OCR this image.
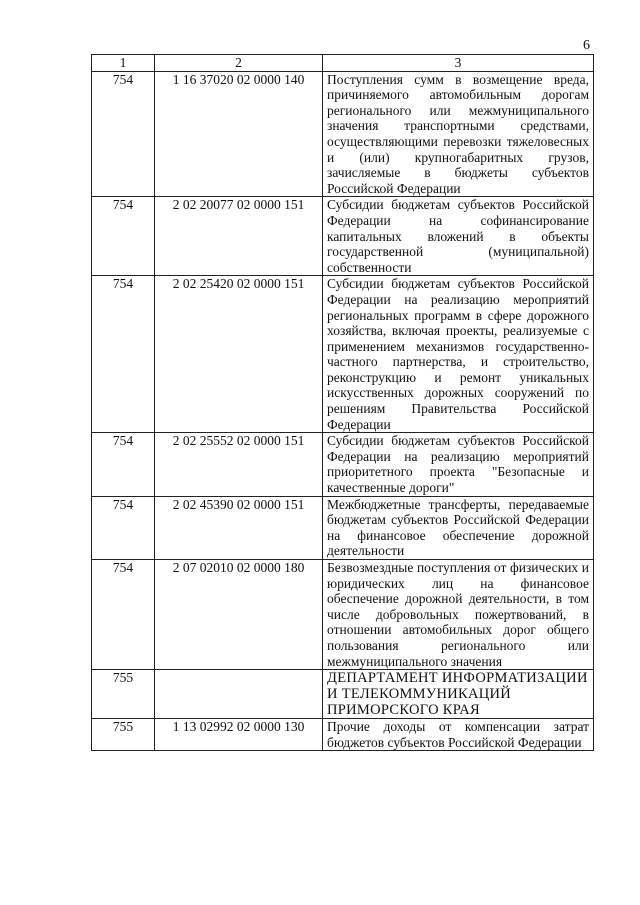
6
1	2	3
754	1 16 37020 02 0000 140	Поступления сумм в возмещение вреда, причиняемого автомобильным дорогам регионального или межмуниципального значения транспортными средствами, осуществляющими перевозки тяжеловесных и (или) крупногабаритных грузов, зачисляемые в бюджеты субъектов Российской Федерации
754	2 02 20077 02 0000 151	Субсидии бюджетам субъектов Российской Федерации на софинансирование капитальных вложений в объекты государственной (муниципальной) собственности
754	2 02 25420 02 0000 151	Субсидии бюджетам субъектов Российской Федерации на реализацию мероприятий региональных программ в сфере дорожного хозяйства, включая проекты, реализуемые с применением механизмов государственно-частного партнерства, и строительство, реконструкцию и ремонт уникальных искусственных дорожных сооружений по решениям Правительства Российской Федерации
754	2 02 25552 02 0000 151	Субсидии бюджетам субъектов Российской Федерации на реализацию мероприятий приоритетного проекта "Безопасные и качественные дороги"
754	2 02 45390 02 0000 151	Межбюджетные трансферты, передаваемые бюджетам субъектов Российской Федерации на финансовое обеспечение дорожной деятельности
754	2 07 02010 02 0000 180	Безвозмездные поступления от физических и юридических лиц на финансовое обеспечение дорожной деятельности, в том числе добровольных пожертвований, в отношении автомобильных дорог общего пользования регионального или межмуниципального значения
755		ДЕПАРТАМЕНТ ИНФОРМАТИЗАЦИИ И ТЕЛЕКОММУНИКАЦИЙ ПРИМОРСКОГО КРАЯ
755	1 13 02992 02 0000 130	Прочие доходы от компенсации затрат бюджетов субъектов Российской Федерации
